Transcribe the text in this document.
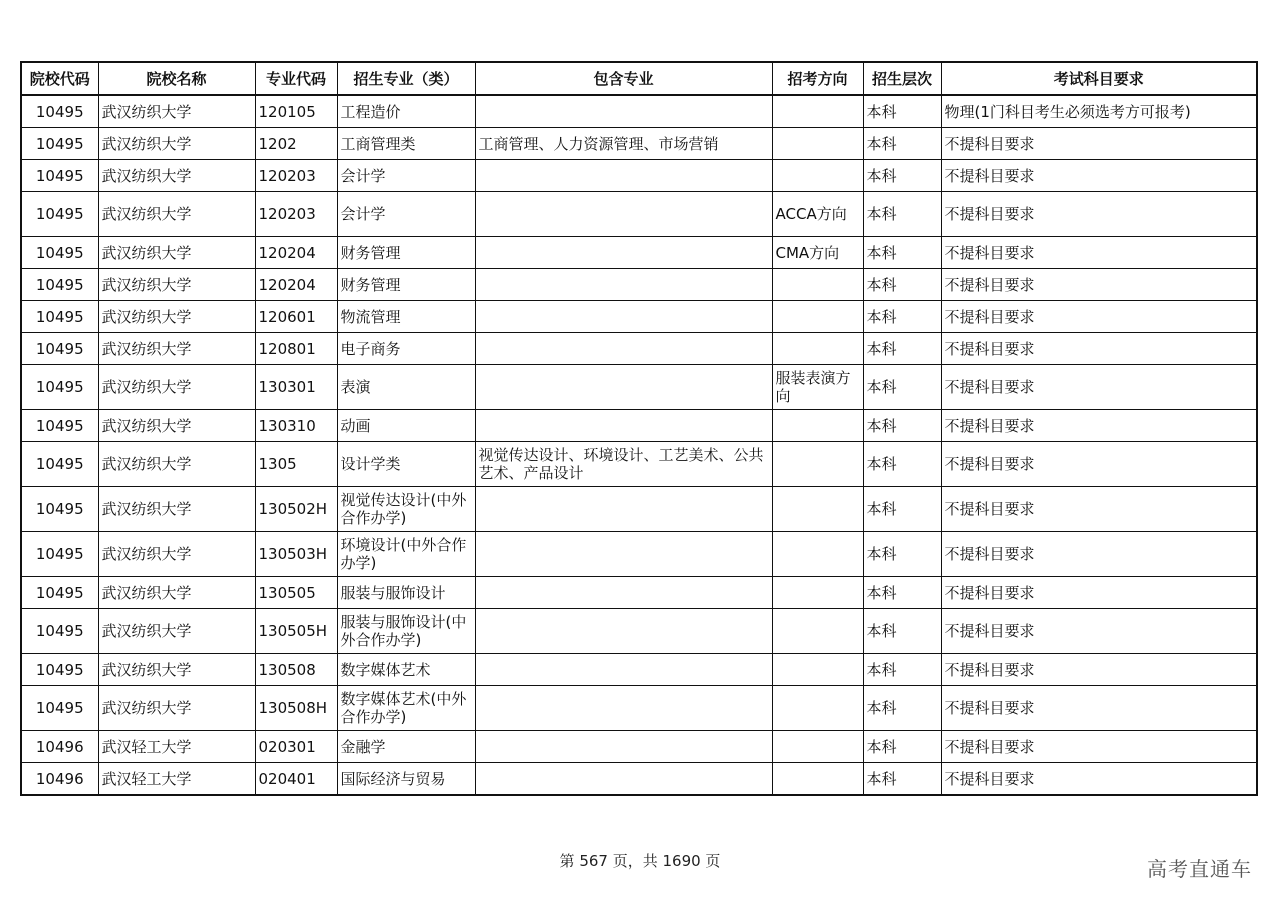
院校代码	院校名称	专业代码	招生专业（类）	包含专业	招考方向	招生层次	考试科目要求
10495	武汉纺织大学	120105	工程造价			本科	物理(1门科目考生必须选考方可报考)
10495	武汉纺织大学	1202	工商管理类	工商管理、人力资源管理、市场营销		本科	不提科目要求
10495	武汉纺织大学	120203	会计学			本科	不提科目要求
10495	武汉纺织大学	120203	会计学		ACCA方向	本科	不提科目要求
10495	武汉纺织大学	120204	财务管理		CMA方向	本科	不提科目要求
10495	武汉纺织大学	120204	财务管理			本科	不提科目要求
10495	武汉纺织大学	120601	物流管理			本科	不提科目要求
10495	武汉纺织大学	120801	电子商务			本科	不提科目要求
10495	武汉纺织大学	130301	表演		服装表演方向	本科	不提科目要求
10495	武汉纺织大学	130310	动画			本科	不提科目要求
10495	武汉纺织大学	1305	设计学类	视觉传达设计、环境设计、工艺美术、公共艺术、产品设计		本科	不提科目要求
10495	武汉纺织大学	130502H	视觉传达设计(中外合作办学)			本科	不提科目要求
10495	武汉纺织大学	130503H	环境设计(中外合作办学)			本科	不提科目要求
10495	武汉纺织大学	130505	服装与服饰设计			本科	不提科目要求
10495	武汉纺织大学	130505H	服装与服饰设计(中外合作办学)			本科	不提科目要求
10495	武汉纺织大学	130508	数字媒体艺术			本科	不提科目要求
10495	武汉纺织大学	130508H	数字媒体艺术(中外合作办学)			本科	不提科目要求
10496	武汉轻工大学	020301	金融学			本科	不提科目要求
10496	武汉轻工大学	020401	国际经济与贸易			本科	不提科目要求
第 567 页，共 1690 页	高考直通车
